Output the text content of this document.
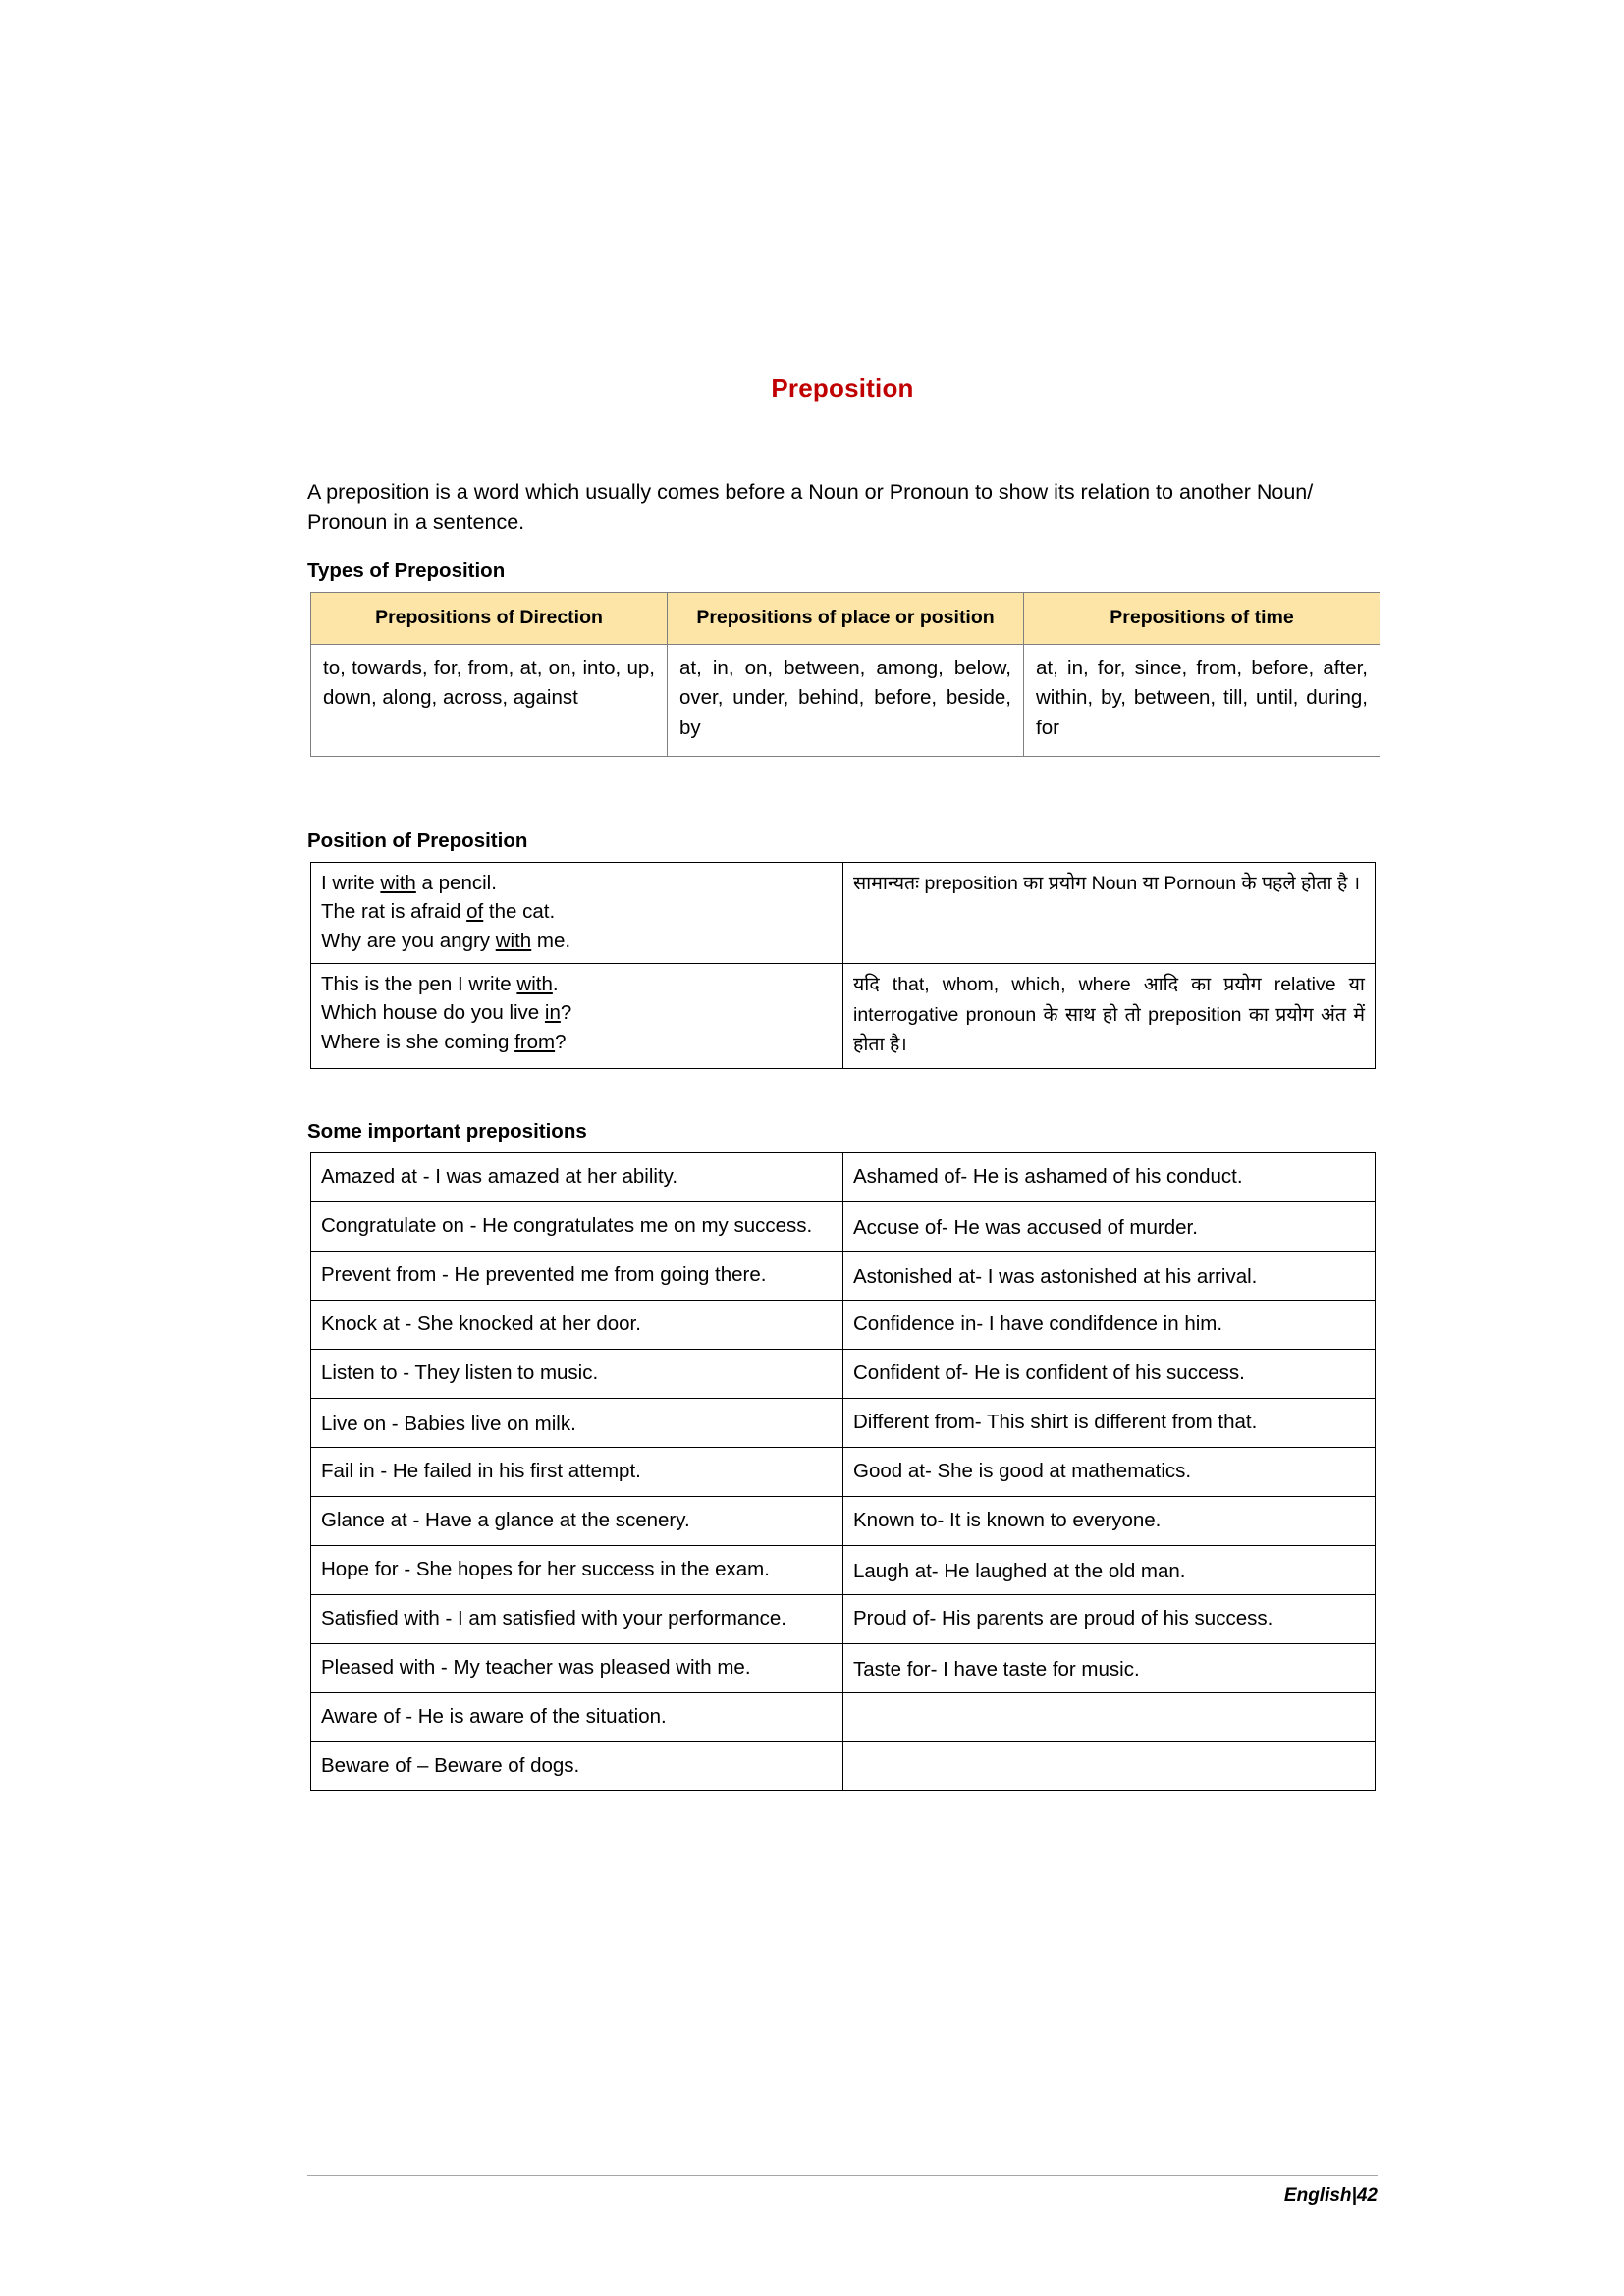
Preposition

A preposition is a word which usually comes before a Noun or Pronoun to show its relation to another Noun/ Pronoun in a sentence.

Types of Preposition
Prepositions of Direction	Prepositions of place or position	Prepositions of time
to, towards, for, from, at, on, into, up, down, along, across, against	at, in, on, between, among, below, over, under, behind, before, beside, by	at, in, for, since, from, before, after, within, by, between, till, until, during, for
Position of Preposition
I write with a pencil.
The rat is afraid of the cat.
Why are you angry with me.	सामान्यतः preposition का प्रयोग Noun या Pornoun के पहले होता है ।

This is the pen I write with.
Which house do you live in?
Where is she coming from?	यदि that, whom, which, where आदि का प्रयोग relative या interrogative pronoun के साथ हो तो preposition का प्रयोग अंत में होता है।
Some important prepositions
Amazed at - I was amazed at her ability.	Ashamed of- He is ashamed of his conduct.
Congratulate on - He congratulates me on my success.	Accuse of- He was accused of murder.
Prevent from - He prevented me from going there.	Astonished at- I was astonished at his arrival.
Knock at - She knocked at her door.	Confidence in- I have condifdence in him.
Listen to - They listen to music.	Confident of- He is confident of his success.
Live on - Babies live on milk.	Different from- This shirt is different from that.
Fail in - He failed in his first attempt.	Good at- She is good at mathematics.
Glance at - Have a glance at the scenery.	Known to- It is known to everyone.
Hope for - She hopes for her success in the exam.	Laugh at- He laughed at the old man.
Satisfied with - I am satisfied with your performance.	Proud of- His parents are proud of his success.
Pleased with - My teacher was pleased with me.	Taste for- I have taste for music.
Aware of - He is aware of the situation.	
Beware of – Beware of dogs.	
English|42
